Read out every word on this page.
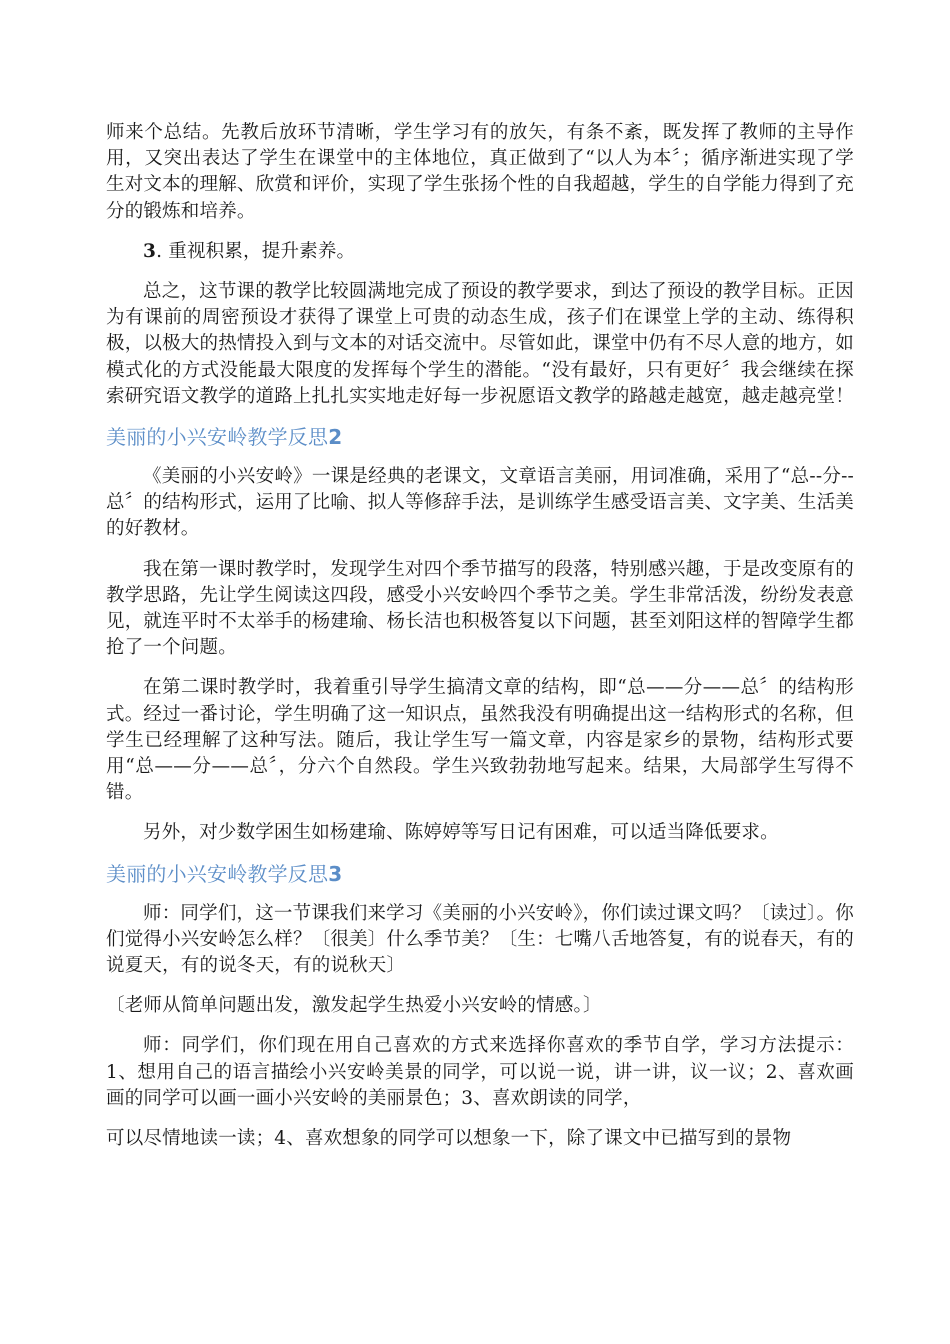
师来个总结。先教后放环节清晰，学生学习有的放矢，有条不紊，既发挥了教师的主导作用，又突出表达了学生在课堂中的主体地位，真正做到了“以人为本〞；循序渐进实现了学生对文本的理解、欣赏和评价，实现了学生张扬个性的自我超越，学生的自学能力得到了充分的锻炼和培养。

3. 重视积累，提升素养。

总之，这节课的教学比较圆满地完成了预设的教学要求，到达了预设的教学目标。正因为有课前的周密预设才获得了课堂上可贵的动态生成，孩子们在课堂上学的主动、练得积极，以极大的热情投入到与文本的对话交流中。尽管如此，课堂中仍有不尽人意的地方，如模式化的方式没能最大限度的发挥每个学生的潜能。“没有最好，只有更好〞我会继续在探索研究语文教学的道路上扎扎实实地走好每一步祝愿语文教学的路越走越宽，越走越亮堂！

美丽的小兴安岭教学反思2

《美丽的小兴安岭》一课是经典的老课文，文章语言美丽，用词准确，采用了“总--分--总〞的结构形式，运用了比喻、拟人等修辞手法，是训练学生感受语言美、文字美、生活美的好教材。

我在第一课时教学时，发现学生对四个季节描写的段落，特别感兴趣，于是改变原有的教学思路，先让学生阅读这四段，感受小兴安岭四个季节之美。学生非常活泼，纷纷发表意见，就连平时不太举手的杨建瑜、杨长洁也积极答复以下问题，甚至刘阳这样的智障学生都抢了一个问题。

在第二课时教学时，我着重引导学生搞清文章的结构，即“总——分——总〞的结构形式。经过一番讨论，学生明确了这一知识点，虽然我没有明确提出这一结构形式的名称，但学生已经理解了这种写法。随后，我让学生写一篇文章，内容是家乡的景物，结构形式要用“总——分——总〞，分六个自然段。学生兴致勃勃地写起来。结果，大局部学生写得不错。

另外，对少数学困生如杨建瑜、陈婷婷等写日记有困难，可以适当降低要求。

美丽的小兴安岭教学反思3

师：同学们，这一节课我们来学习《美丽的小兴安岭》，你们读过课文吗？〔读过〕。你们觉得小兴安岭怎么样？〔很美〕什么季节美？〔生：七嘴八舌地答复，有的说春天，有的说夏天，有的说冬天，有的说秋天〕

〔老师从简单问题出发，激发起学生热爱小兴安岭的情感。〕

师：同学们，你们现在用自己喜欢的方式来选择你喜欢的季节自学，学习方法提示：1、想用自己的语言描绘小兴安岭美景的同学，可以说一说，讲一讲，议一议；2、喜欢画画的同学可以画一画小兴安岭的美丽景色；3、喜欢朗读的同学，

可以尽情地读一读；4、喜欢想象的同学可以想象一下，除了课文中已描写到的景物
